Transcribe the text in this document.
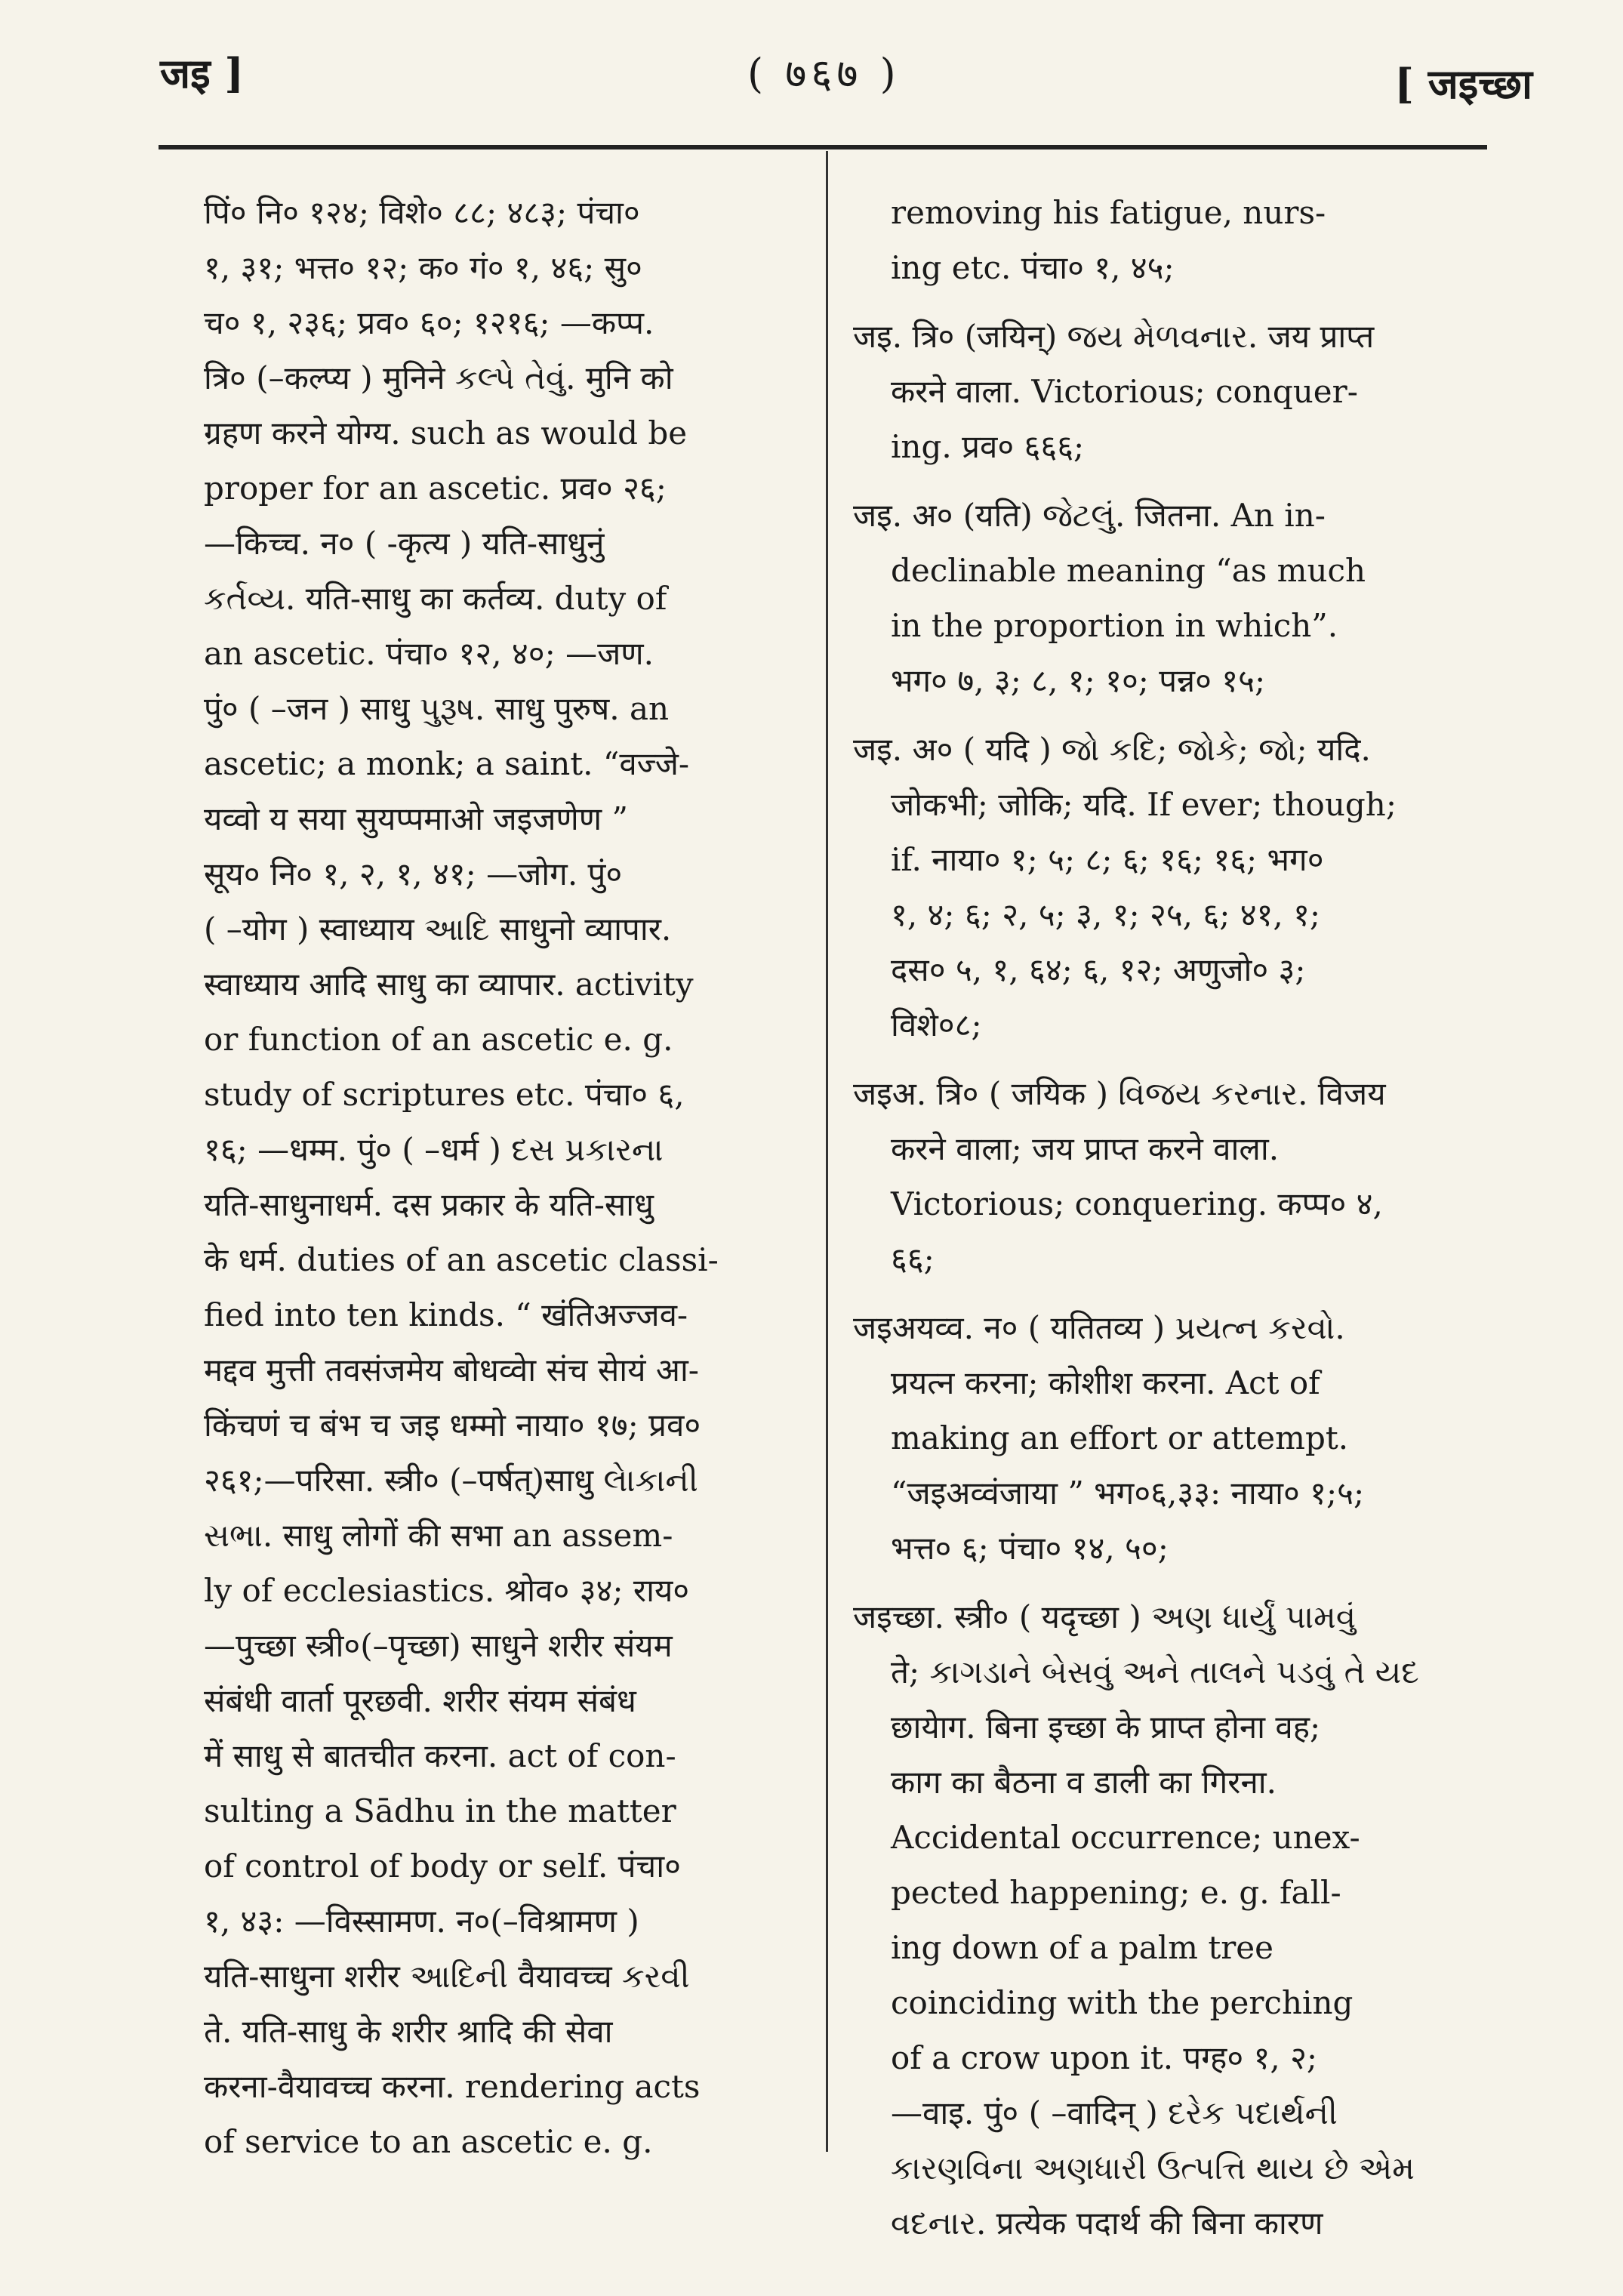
जइ ]	( ७६७ )	[ जइच्छा
पिं० नि० १२४; विशे० ८८; ४८३; पंचा०
१, ३१; भत्त० १२; क० गं० १, ४६; सु०
च० १, २३६; प्रव० ६०; १२१६; —कप्प.
त्रि० (–कल्प्य ) मुनिने કલ્પે તેવું. मुनि को
ग्रहण करने योग्य. such as would be
proper for an ascetic. प्रव० २६;
—किच्च. न० ( -कृत्य ) यति-साधुनुं
કર્તવ્ય. यति-साधु का कर्तव्य. duty of
an ascetic. पंचा० १२, ४०; —जण.
पुं० ( –जन ) साधु પુરૂષ. साधु पुरुष. an
ascetic; a monk; a saint. “वज्जे-
यव्वो य सया सुयप्पमाओ जइजणेण ”
सूय० नि० १, २, १, ४१; —जोग. पुं०
( –योग ) स्वाध्याय આદિ साधुनो व्यापार.
स्वाध्याय आदि साधु का व्यापार. activity
or function of an ascetic e. g.
study of scriptures etc. पंचा० ६,
१६; —धम्म. पुं० ( –धर्म ) દસ પ્રકારના
यति-साधुनाधर्म. दस प्रकार के यति-साधु
के धर्म. duties of an ascetic classi-
fied into ten kinds. “ खंतिअज्जव-
मद्दव मुत्ती तवसंजमेय बोधव्वेा संच सेायं आ-
किंचणं च बंभ च जइ धम्मो नाया० १७; प्रव०
२६१;—परिसा. स्त्री० (–पर्षत्)साधु લેાકાની
સભા. साधु लोगों की सभा an assem-
ly of ecclesiastics. श्रोव० ३४; राय०
—पुच्छा स्त्री०(–पृच्छा) साधुने शरीर संयम
संबंधी वार्ता पूरछवी. शरीर संयम संबंध
में साधु से बातचीत करना. act of con-
sulting a Sādhu in the matter
of control of body or self. पंचा०
१, ४३: —विस्सामण. न०(–विश्रामण )
यति-साधुना शरीर આદિની वैयावच्च કરવી
ते. यति-साधु के शरीर श्रादि की सेवा
करना-वैयावच्च करना. rendering acts
of service to an ascetic e. g.
removing his fatigue, nurs-
ing etc. पंचा० १, ४५;
जइ. त्रि० (जयिन्) જય મેળવનાર. जय प्राप्त
करने वाला. Victorious; conquer-
ing. प्रव० ६६६;
जइ. अ० (यति) જેટલું. जितना. An in-
declinable meaning “as much
in the proportion in which”.
भग० ७, ३; ८, १; १०; पन्न० १५;
जइ. अ० ( यदि ) જો કદિ; જોકે; જો; यदि.
जोकभी; जोकि; यदि. If ever; though;
if. नाया० १; ५; ८; ६; १६; १६; भग०
१, ४; ६; २, ५; ३, १; २५, ६; ४१, १;
दस० ५, १, ६४; ६, १२; अणुजो० ३;
विशे०८;
जइअ. त्रि० ( जयिक ) વિજય કરનાર. विजय
करने वाला; जय प्राप्त करने वाला.
Victorious; conquering. कप्प० ४,
६६;
जइअयव्व. न० ( यतितव्य ) પ્રયત્ન કરવો.
प्रयत्न करना; कोशीश करना. Act of
making an effort or attempt.
“जइअव्वंजाया ” भग०६,३३: नाया० १;५;
भत्त० ६; पंचा० १४, ५०;
जइच्छा. स्त्री० ( यदृच्छा ) અણ ધાર્યું પામવું
ते; કાગડાને બેસવું અને તાલને પડવું તે યદ
छायेाग. बिना इच्छा के प्राप्त होना वह;
काग का बैठना व डाली का गिरना.
Accidental occurrence; unex-
pected happening; e. g. fall-
ing down of a palm tree
coinciding with the perching
of a crow upon it. पग्ह० १, २;
—वाइ. पुं० ( –वादिन् ) દરેક પદાર્થની
કારણવિના અણધારી ઉત્પત્તિ થાય છે એમ
વદનાર. प्रत्येक पदार्थ की बिना कारण
